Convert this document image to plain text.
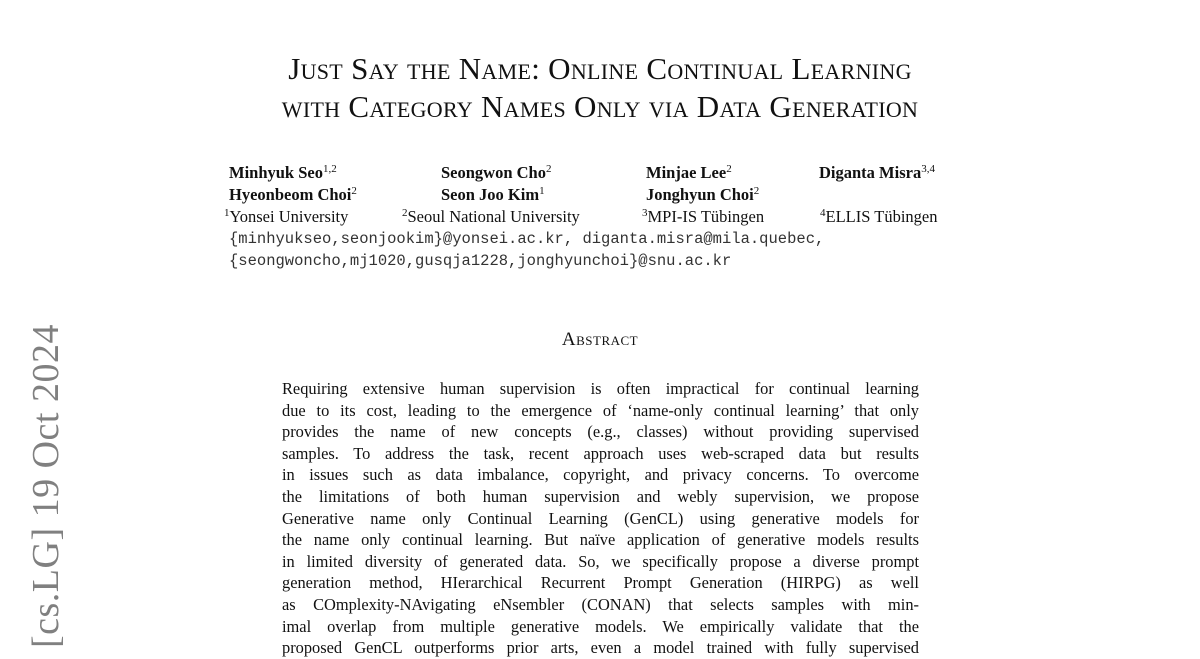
[cs.LG] 19 Oct 2024
Just Say the Name: Online Continual Learning
with Category Names Only via Data Generation
Minhyuk Seo$^{1,2}$	Seongwon Cho$^2$	Minjae Lee$^2$	Diganta Misra$^{3,4}$
Hyeonbeom Choi$^2$	Seon Joo Kim$^1$	Jonghyun Choi$^2$
$^1$Yonsei University	$^2$Seoul National University	$^3$MPI-IS Tübingen	$^4$ELLIS Tübingen
{minhyukseo,seonjookim}@yonsei.ac.kr, diganta.misra@mila.quebec,
{seongwoncho,mj1020,gusqja1228,jonghyunchoi}@snu.ac.kr
Abstract
Requiring extensive human supervision is often impractical for continual learning
due to its cost, leading to the emergence of ‘name-only continual learning’ that only
provides the name of new concepts (e.g., classes) without providing supervised
samples. To address the task, recent approach uses web-scraped data but results
in issues such as data imbalance, copyright, and privacy concerns. To overcome
the limitations of both human supervision and webly supervision, we propose
Generative name only Continual Learning (GenCL) using generative models for
the name only continual learning. But naïve application of generative models results
in limited diversity of generated data. So, we specifically propose a diverse prompt
generation method, HIerarchical Recurrent Prompt Generation (HIRPG) as well
as COmplexity-NAvigating eNsembler (CONAN) that selects samples with min-
imal overlap from multiple generative models. We empirically validate that the
proposed GenCL outperforms prior arts, even a model trained with fully supervised
